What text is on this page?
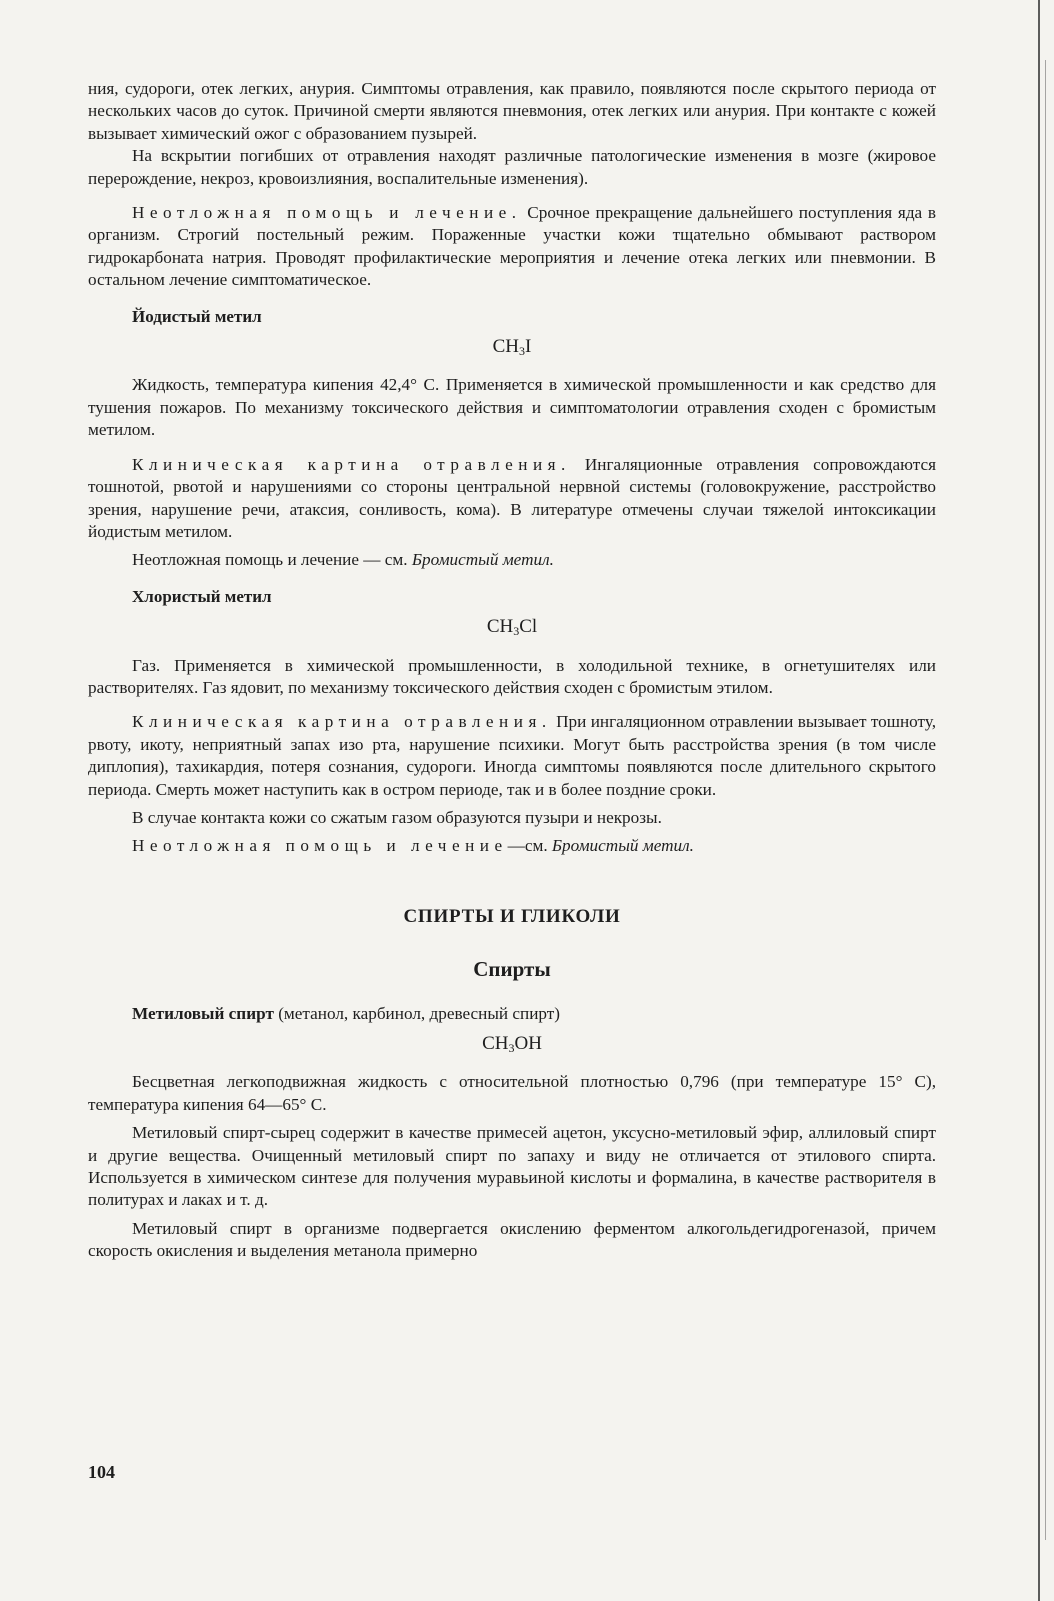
ния, судороги, отек легких, анурия. Симптомы отравления, как правило, появляются после скрытого периода от нескольких часов до суток. Причиной смерти являются пневмония, отек легких или анурия. При контакте с кожей вызывает химический ожог с образованием пузырей.

На вскрытии погибших от отравления находят различные патологические изменения в мозге (жировое перерождение, некроз, кровоизлияния, воспалительные изменения).

Неотложная помощь и лечение. Срочное прекращение дальнейшего поступления яда в организм. Строгий постельный режим. Пораженные участки кожи тщательно обмывают раствором гидрокарбоната натрия. Проводят профилактические мероприятия и лечение отека легких или пневмонии. В остальном лечение симптоматическое.

Йодистый метил
$CH_3I$

Жидкость, температура кипения 42,4° С. Применяется в химической промышленности и как средство для тушения пожаров. По механизму токсического действия и симптоматологии отравления сходен с бромистым метилом.

Клиническая картина отравления. Ингаляционные отравления сопровождаются тошнотой, рвотой и нарушениями со стороны центральной нервной системы (головокружение, расстройство зрения, нарушение речи, атаксия, сонливость, кома). В литературе отмечены случаи тяжелой интоксикации йодистым метилом.

Неотложная помощь и лечение — см. Бромистый метил.

Хлористый метил
$CH_3Cl$

Газ. Применяется в химической промышленности, в холодильной технике, в огнетушителях или растворителях. Газ ядовит, по механизму токсического действия сходен с бромистым этилом.

Клиническая картина отравления. При ингаляционном отравлении вызывает тошноту, рвоту, икоту, неприятный запах изо рта, нарушение психики. Могут быть расстройства зрения (в том числе диплопия), тахикардия, потеря сознания, судороги. Иногда симптомы появляются после длительного скрытого периода. Смерть может наступить как в остром периоде, так и в более поздние сроки.

В случае контакта кожи со сжатым газом образуются пузыри и некрозы.

Неотложная помощь и лечение—см. Бромистый метил.

СПИРТЫ И ГЛИКОЛИ
Спирты
Метиловый спирт (метанол, карбинол, древесный спирт)
$CH_3OH$

Бесцветная легкоподвижная жидкость с относительной плотностью 0,796 (при температуре 15° С), температура кипения 64—65° С.

Метиловый спирт-сырец содержит в качестве примесей ацетон, уксусно-метиловый эфир, аллиловый спирт и другие вещества. Очищенный метиловый спирт по запаху и виду не отличается от этилового спирта. Используется в химическом синтезе для получения муравьиной кислоты и формалина, в качестве растворителя в политурах и лаках и т. д.

Метиловый спирт в организме подвергается окислению ферментом алкогольдегидрогеназой, причем скорость окисления и выделения метанола примерно

104
